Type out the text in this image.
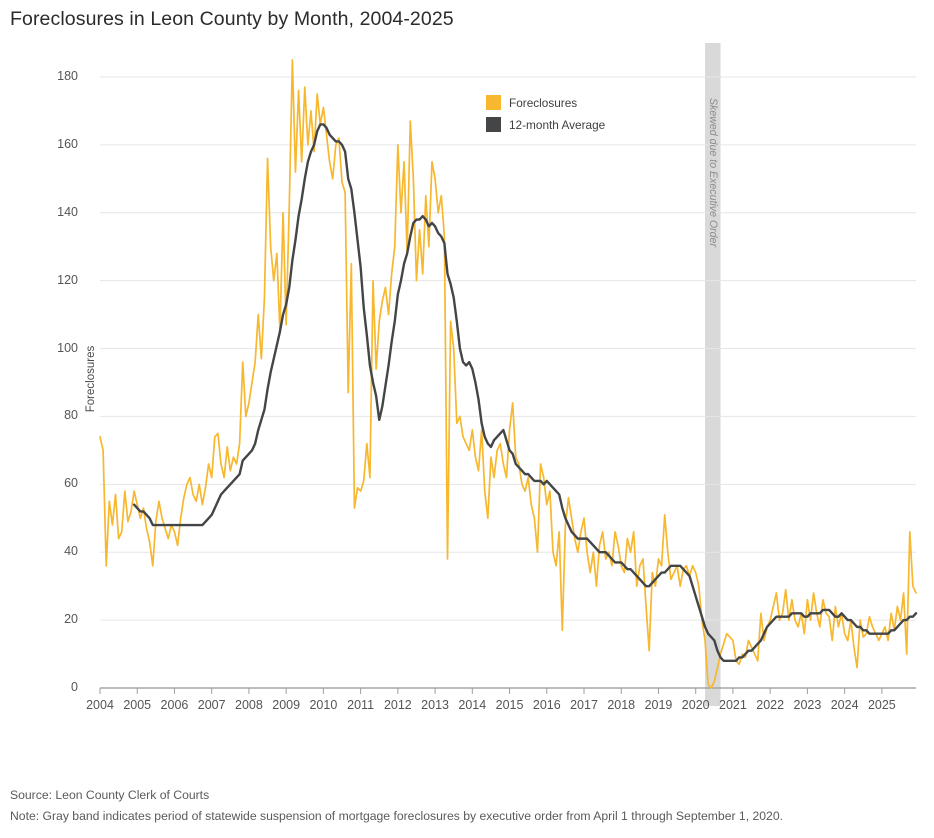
Foreclosures in Leon County by Month, 2004-2025
Foreclosures
Foreclosures
12-month Average	Skewed due to Executive Order
0
20
40
60
80
100
120
140
160
180
2004 2005 2006 2007 2008 2009 2010 2011 2012 2013 2014 2015 2016 2017 2018 2019 2020 2021 2022 2023 2024 2025
Source: Leon County Clerk of Courts
Note: Gray band indicates period of statewide suspension of mortgage foreclosures by executive order from April 1 through September 1, 2020.
